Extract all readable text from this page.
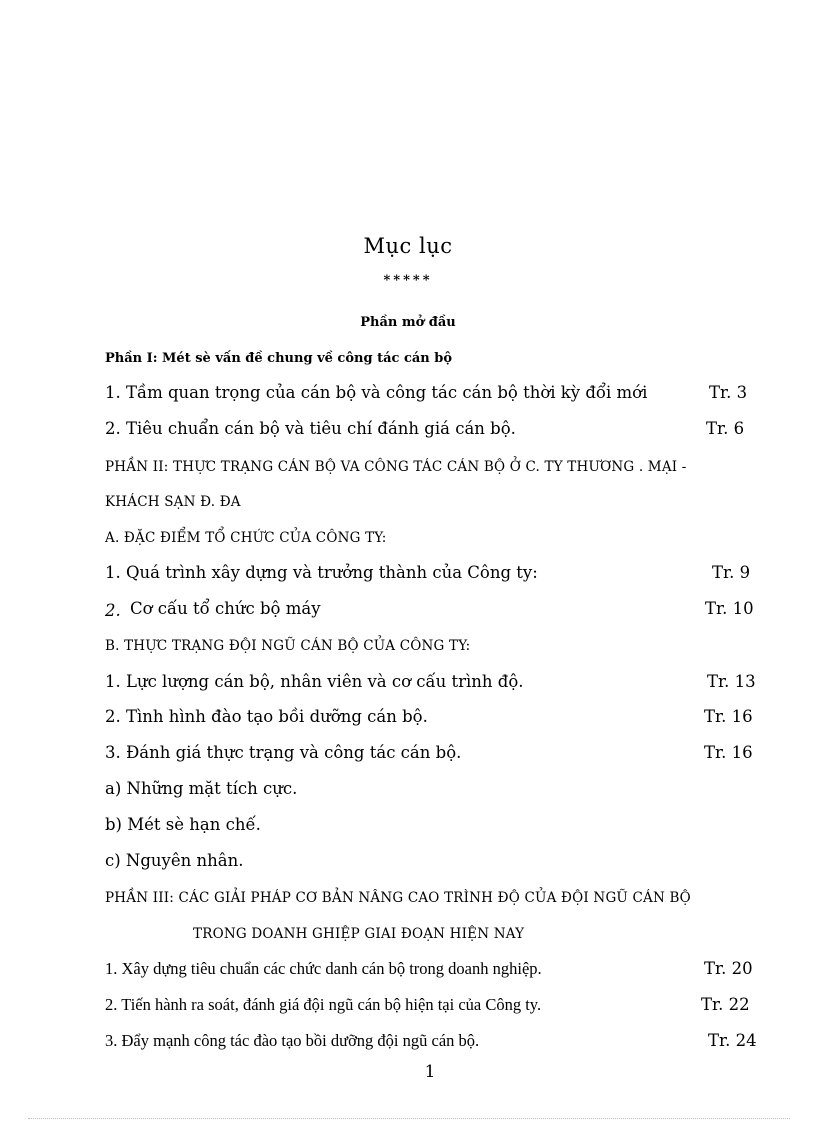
Mục lục
*****
Phần mở đầu
Phần I: Mét sè vấn đề chung về công tác cán bộ
1. Tầm quan trọng của cán bộ và công tác cán bộ thời kỳ đổi mới	Tr. 3
2. Tiêu chuẩn cán bộ và tiêu chí đánh giá cán bộ.	Tr. 6
PHẦN II: THỰC TRẠNG CÁN BỘ VA CÔNG TÁC CÁN BỘ Ở C. TY THƯƠNG . MẠI -
KHÁCH SẠN Đ. ĐA
A. ĐẶC ĐIỂM TỔ CHỨC CỦA CÔNG TY:
1. Quá trình xây dựng và trưởng thành của Công ty:	Tr. 9
2. Cơ cấu tổ chức bộ máy	Tr. 10
B. THỰC TRẠNG ĐỘI NGŨ CÁN BỘ CỦA CÔNG TY:
1. Lực lượng cán bộ, nhân viên và cơ cấu trình độ.	Tr. 13
2. Tình hình đào tạo bồi dưỡng cán bộ.	Tr. 16
3. Đánh giá thực trạng và công tác cán bộ.	Tr. 16
a) Những mặt tích cực.
b) Mét sè hạn chế.
c) Nguyên nhân.
PHẦN III: CÁC GIẢI PHÁP CƠ BẢN NÂNG CAO TRÌNH ĐỘ CỦA ĐỘI NGŨ CÁN BỘ
TRONG DOANH GHIỆP GIAI ĐOẠN HIỆN NAY
1. Xây dựng tiêu chuẩn các chức danh cán bộ trong doanh nghiệp.	Tr. 20
2. Tiến hành ra soát, đánh giá đội ngũ cán bộ hiện tại của Công ty.	Tr. 22
3. Đẩy mạnh công tác đào tạo bồi dưỡng đội ngũ cán bộ.	Tr. 24
1
